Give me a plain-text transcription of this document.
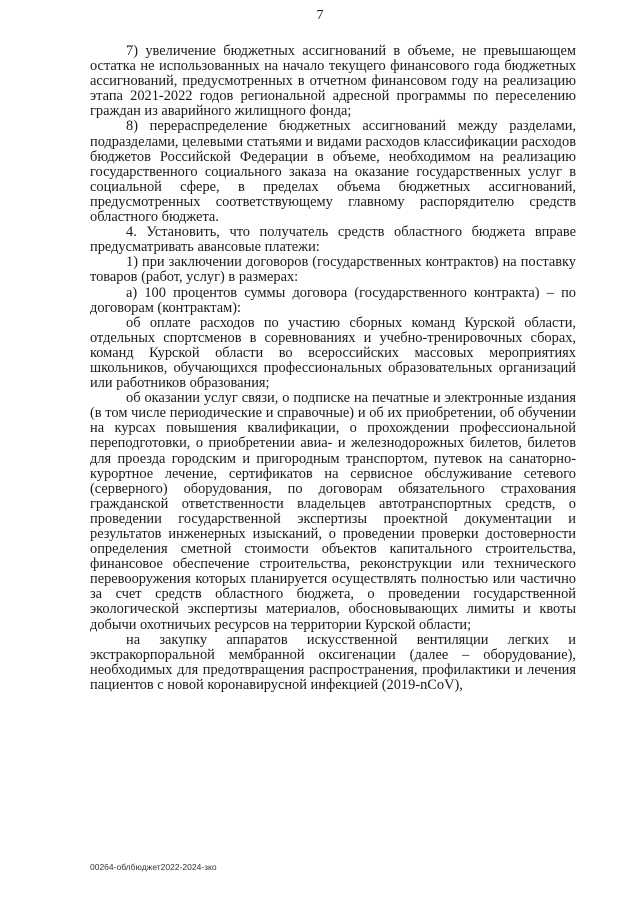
7

7) увеличение бюджетных ассигнований в объеме, не превышающем остатка не использованных на начало текущего финансового года бюджетных ассигнований, предусмотренных в отчетном финансовом году на реализацию этапа 2021-2022 годов региональной адресной программы по переселению граждан из аварийного жилищного фонда;

8) перераспределение бюджетных ассигнований между разделами, подразделами, целевыми статьями и видами расходов классификации расходов бюджетов Российской Федерации в объеме, необходимом на реализацию государственного социального заказа на оказание государственных услуг в социальной сфере, в пределах объема бюджетных ассигнований, предусмотренных соответствующему главному распорядителю средств областного бюджета.

4. Установить, что получатель средств областного бюджета вправе предусматривать авансовые платежи:

1) при заключении договоров (государственных контрактов) на поставку товаров (работ, услуг) в размерах:

а) 100 процентов суммы договора (государственного контракта) – по договорам (контрактам):

об оплате расходов по участию сборных команд Курской области, отдельных спортсменов в соревнованиях и учебно-тренировочных сборах, команд Курской области во всероссийских массовых мероприятиях школьников, обучающихся профессиональных образовательных организаций или работников образования;

об оказании услуг связи, о подписке на печатные и электронные издания (в том числе периодические и справочные) и об их приобретении, об обучении на курсах повышения квалификации, о прохождении профессиональной переподготовки, о приобретении авиа- и железнодорожных билетов, билетов для проезда городским и пригородным транспортом, путевок на санаторно-курортное лечение, сертификатов на сервисное обслуживание сетевого (серверного) оборудования, по договорам обязательного страхования гражданской ответственности владельцев автотранспортных средств, о проведении государственной экспертизы проектной документации и результатов инженерных изысканий, о проведении проверки достоверности определения сметной стоимости объектов капитального строительства, финансовое обеспечение строительства, реконструкции или технического перевооружения которых планируется осуществлять полностью или частично за счет средств областного бюджета, о проведении государственной экологической экспертизы материалов, обосновывающих лимиты и квоты добычи охотничьих ресурсов на территории Курской области;

на закупку аппаратов искусственной вентиляции легких и экстракорпоральной мембранной оксигенации (далее – оборудование), необходимых для предотвращения распространения, профилактики и лечения пациентов с новой коронавирусной инфекцией (2019-nCoV),

00264-облбюджет2022-2024-зко
